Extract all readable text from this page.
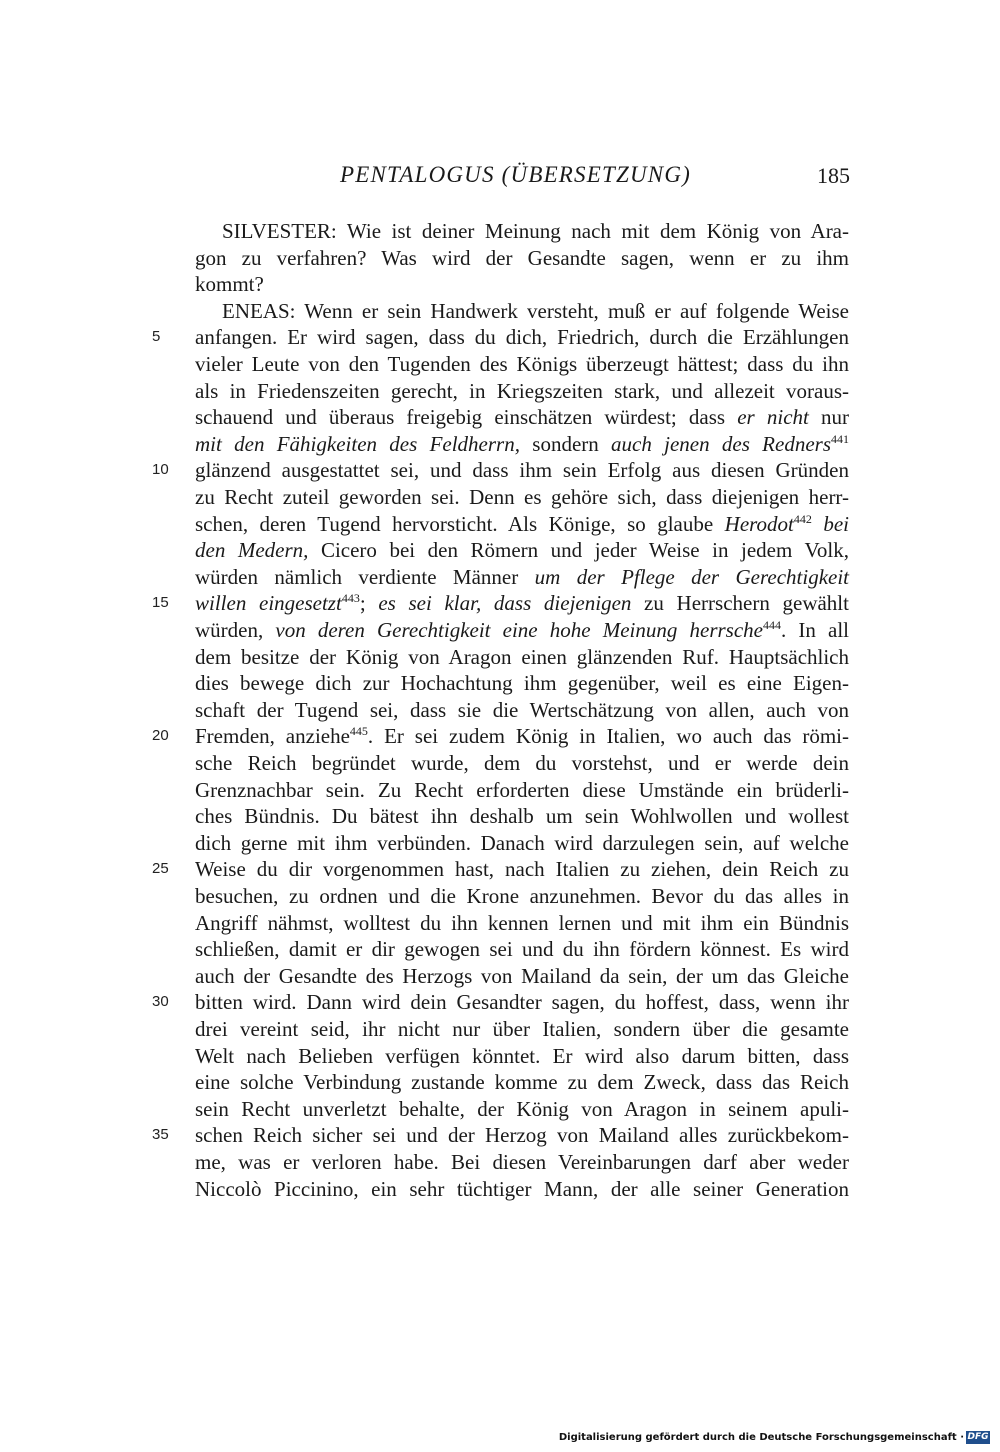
PENTALOGUS (ÜBERSETZUNG)	185
SILVESTER: Wie ist deiner Meinung nach mit dem König von Ara-
gon zu verfahren? Was wird der Gesandte sagen, wenn er zu ihm
kommt?
ENEAS: Wenn er sein Handwerk versteht, muß er auf folgende Weise
anfangen. Er wird sagen, dass du dich, Friedrich, durch die Erzählungen
5
vieler Leute von den Tugenden des Königs überzeugt hättest; dass du ihn
als in Friedenszeiten gerecht, in Kriegszeiten stark, und allezeit voraus-
schauend und überaus freigebig einschätzen würdest; dass er nicht nur
mit den Fähigkeiten des Feldherrn, sondern auch jenen des Redners$^{441}$
glänzend ausgestattet sei, und dass ihm sein Erfolg aus diesen Gründen
10
zu Recht zuteil geworden sei. Denn es gehöre sich, dass diejenigen herr-
schen, deren Tugend hervorsticht. Als Könige, so glaube Herodot$^{442}$ bei
den Medern, Cicero bei den Römern und jeder Weise in jedem Volk,
würden nämlich verdiente Männer um der Pflege der Gerechtigkeit
willen eingesetzt$^{443}$; es sei klar, dass diejenigen zu Herrschern gewählt
15
würden, von deren Gerechtigkeit eine hohe Meinung herrsche$^{444}$. In all
dem besitze der König von Aragon einen glänzenden Ruf. Hauptsächlich
dies bewege dich zur Hochachtung ihm gegenüber, weil es eine Eigen-
schaft der Tugend sei, dass sie die Wertschätzung von allen, auch von
Fremden, anziehe$^{445}$. Er sei zudem König in Italien, wo auch das römi-
20
sche Reich begründet wurde, dem du vorstehst, und er werde dein
Grenznachbar sein. Zu Recht erforderten diese Umstände ein brüderli-
ches Bündnis. Du bätest ihn deshalb um sein Wohlwollen und wollest
dich gerne mit ihm verbünden. Danach wird darzulegen sein, auf welche
Weise du dir vorgenommen hast, nach Italien zu ziehen, dein Reich zu
25
besuchen, zu ordnen und die Krone anzunehmen. Bevor du das alles in
Angriff nähmst, wolltest du ihn kennen lernen und mit ihm ein Bündnis
schließen, damit er dir gewogen sei und du ihn fördern könnest. Es wird
auch der Gesandte des Herzogs von Mailand da sein, der um das Gleiche
bitten wird. Dann wird dein Gesandter sagen, du hoffest, dass, wenn ihr
30
drei vereint seid, ihr nicht nur über Italien, sondern über die gesamte
Welt nach Belieben verfügen könntet. Er wird also darum bitten, dass
eine solche Verbindung zustande komme zu dem Zweck, dass das Reich
sein Recht unverletzt behalte, der König von Aragon in seinem apuli-
schen Reich sicher sei und der Herzog von Mailand alles zurückbekom-
35
me, was er verloren habe. Bei diesen Vereinbarungen darf aber weder
Niccolò Piccinino, ein sehr tüchtiger Mann, der alle seiner Generation
Digitalisierung gefördert durch die Deutsche Forschungsgemeinschaft · DFG
